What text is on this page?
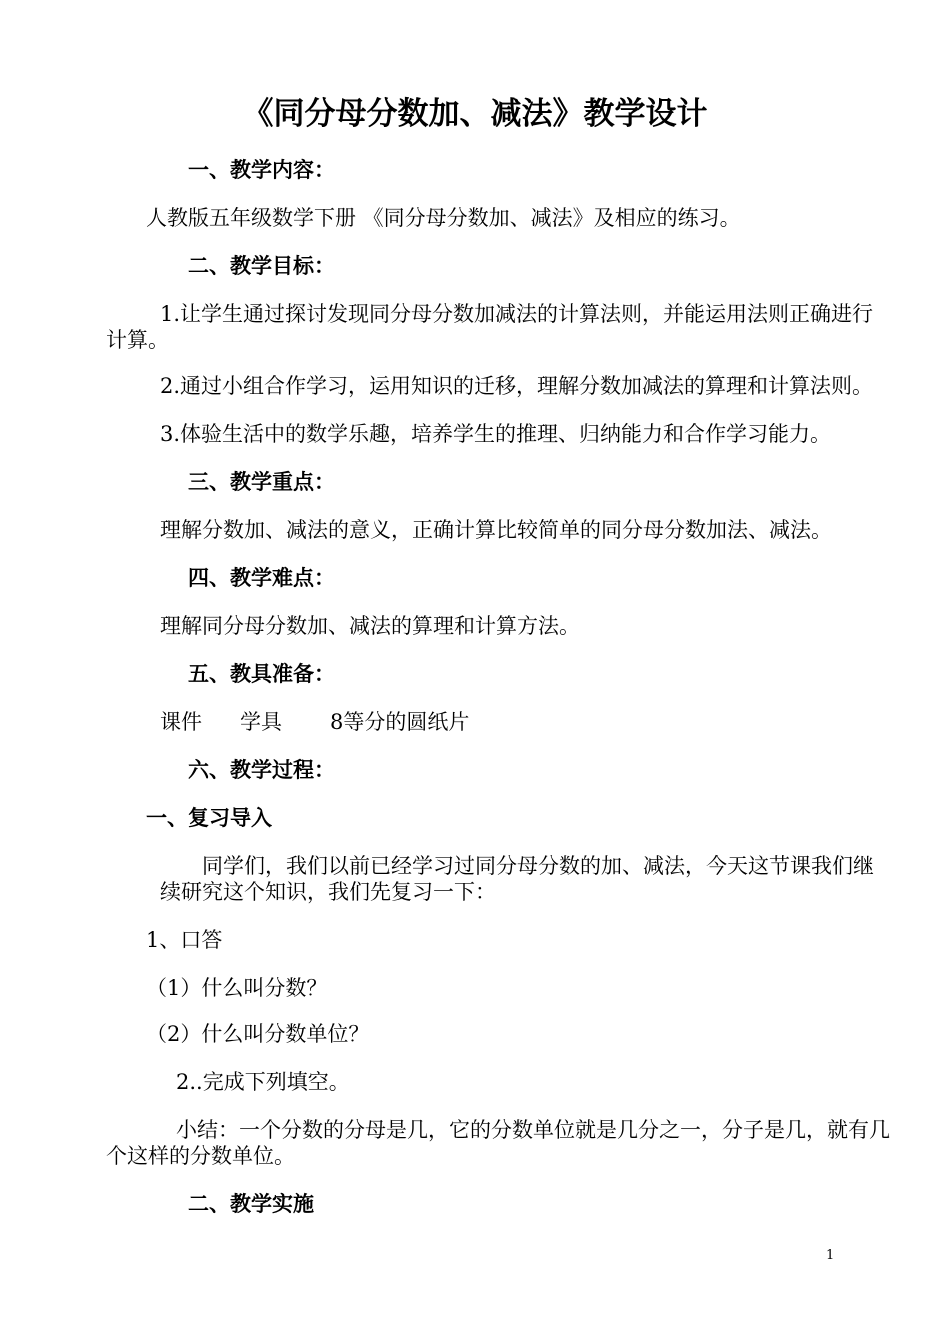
《同分母分数加、减法》教学设计
一、教学内容：
人教版五年级数学下册 《同分母分数加、减法》及相应的练习。
二、教学目标：
1.让学生通过探讨发现同分母分数加减法的计算法则，并能运用法则正确进行
计算。
2.通过小组合作学习，运用知识的迁移，理解分数加减法的算理和计算法则。
3.体验生活中的数学乐趣，培养学生的推理、归纳能力和合作学习能力。
三、教学重点：
理解分数加、减法的意义，正确计算比较简单的同分母分数加法、减法。
四、教学难点：
理解同分母分数加、减法的算理和计算方法。
五、教具准备：
课件 学具 8等分的圆纸片
六、教学过程：
一、复习导入
同学们，我们以前已经学习过同分母分数的加、减法，今天这节课我们继
续研究这个知识，我们先复习一下：
1、口答
（1）什么叫分数？
（2）什么叫分数单位？
2..完成下列填空。
小结：一个分数的分母是几，它的分数单位就是几分之一，分子是几，就有几
个这样的分数单位。
二、教学实施
1
